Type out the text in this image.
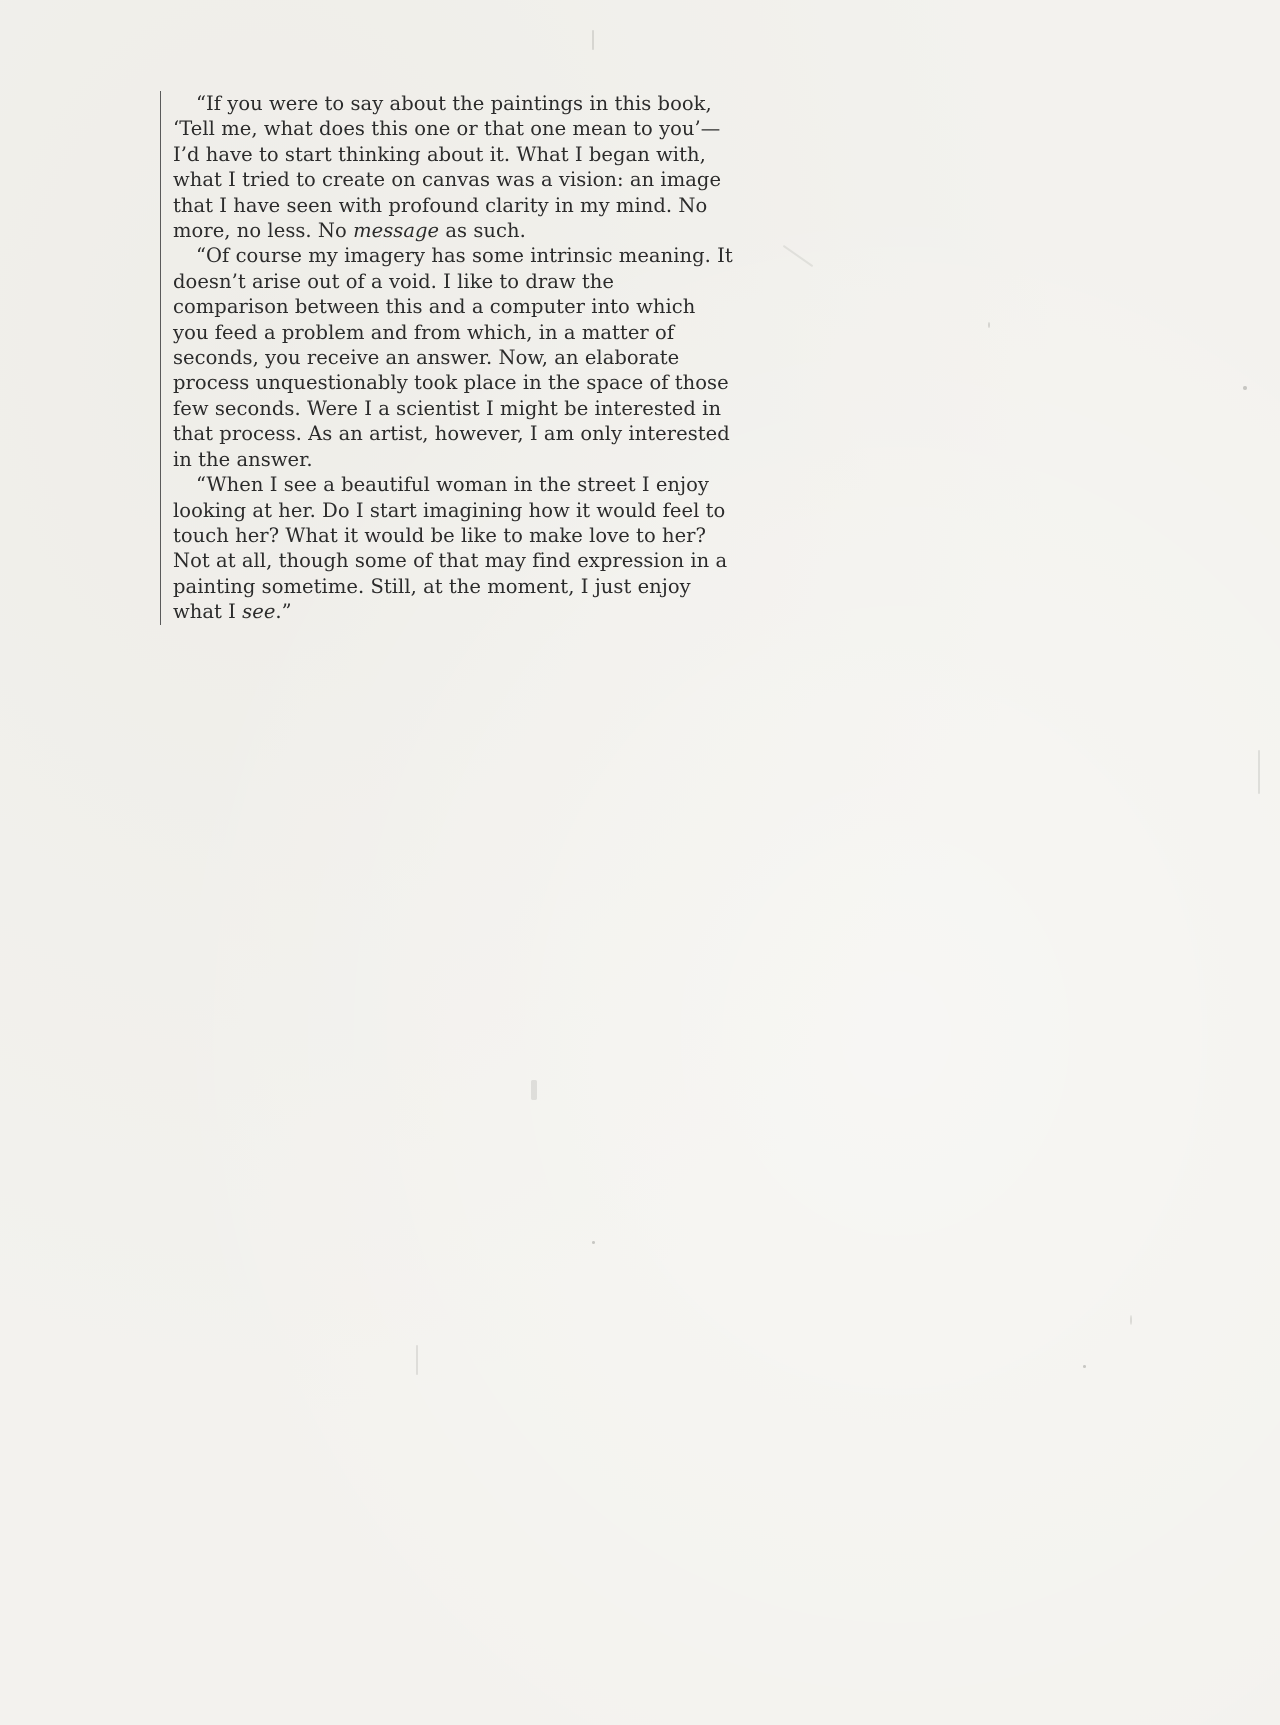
“If you were to say about the paintings in this book, ‘Tell me, what does this one or that one mean to you’—I’d have to start thinking about it. What I began with, what I tried to create on canvas was a vision: an image that I have seen with profound clarity in my mind. No more, no less. No message as such.

“Of course my imagery has some intrinsic meaning. It doesn’t arise out of a void. I like to draw the comparison between this and a computer into which you feed a problem and from which, in a matter of seconds, you receive an answer. Now, an elaborate process unquestionably took place in the space of those few seconds. Were I a scientist I might be interested in that process. As an artist, however, I am only interested in the answer.

“When I see a beautiful woman in the street I enjoy looking at her. Do I start imagining how it would feel to touch her? What it would be like to make love to her? Not at all, though some of that may find expression in a painting sometime. Still, at the moment, I just enjoy what I see.”
